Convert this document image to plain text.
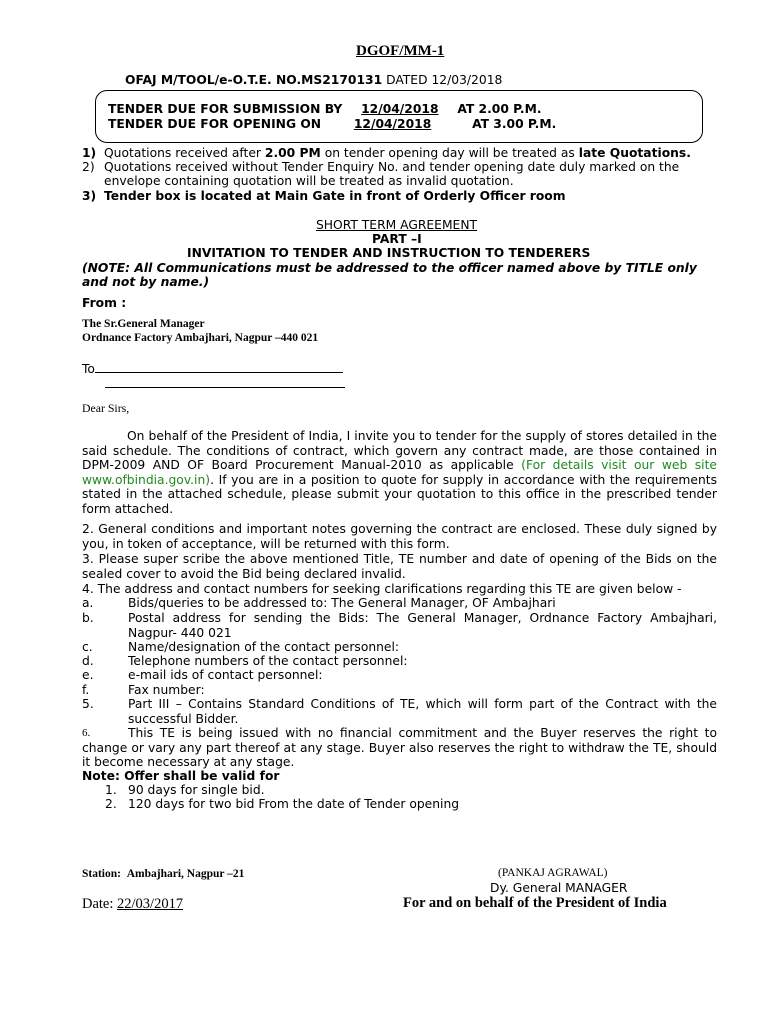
DGOF/MM-1
OFAJ M/TOOL/e-O.T.E. NO.MS2170131 DATED 12/03/2018
TENDER DUE FOR SUBMISSION BY 12/04/2018 AT 2.00 P.M.
TENDER DUE FOR OPENING ON	12/04/2018	AT 3.00 P.M.
1) Quotations received after 2.00 PM on tender opening day will be treated as late Quotations.
2) Quotations received without Tender Enquiry No. and tender opening date duly marked on the
envelope containing quotation will be treated as invalid quotation.
3) Tender box is located at Main Gate in front of Orderly Officer room
SHORT TERM AGREEMENT
PART –I
INVITATION TO TENDER AND INSTRUCTION TO TENDERERS
(NOTE: All Communications must be addressed to the officer named above by TITLE only
and not by name.)
From :
The Sr.General Manager
Ordnance Factory Ambajhari, Nagpur –440 021
To
Dear Sirs,
On behalf of the President of India, I invite you to tender for the supply of stores detailed in the said schedule. The conditions of contract, which govern any contract made, are those contained in DPM-2009 AND OF Board Procurement Manual-2010 as applicable (For details visit our web site www.ofbindia.gov.in). If you are in a position to quote for supply in accordance with the requirements stated in the attached schedule, please submit your quotation to this office in the prescribed tender form attached.
2. General conditions and important notes governing the contract are enclosed. These duly signed by you, in token of acceptance, will be returned with this form.
3. Please super scribe the above mentioned Title, TE number and date of opening of the Bids on the sealed cover to avoid the Bid being declared invalid.
4. The address and contact numbers for seeking clarifications regarding this TE are given below -
a.	Bids/queries to be addressed to: The General Manager, OF Ambajhari
b.	Postal address for sending the Bids: The General Manager, Ordnance Factory Ambajhari, Nagpur- 440 021
c.	Name/designation of the contact personnel:
d.	Telephone numbers of the contact personnel:
e.	e-mail ids of contact personnel:
f.	Fax number:
5.	Part III – Contains Standard Conditions of TE, which will form part of the Contract with the successful Bidder.
6.	This TE is being issued with no financial commitment and the Buyer reserves the right to change or vary any part thereof at any stage. Buyer also reserves the right to withdraw the TE, should it become necessary at any stage.
Note: Offer shall be valid for
1. 90 days for single bid.
2. 120 days for two bid From the date of Tender opening
Station: Ambajhari, Nagpur –21	(PANKAJ AGRAWAL)
Dy. General MANAGER
Date: 22/03/2017	For and on behalf of the President of India
